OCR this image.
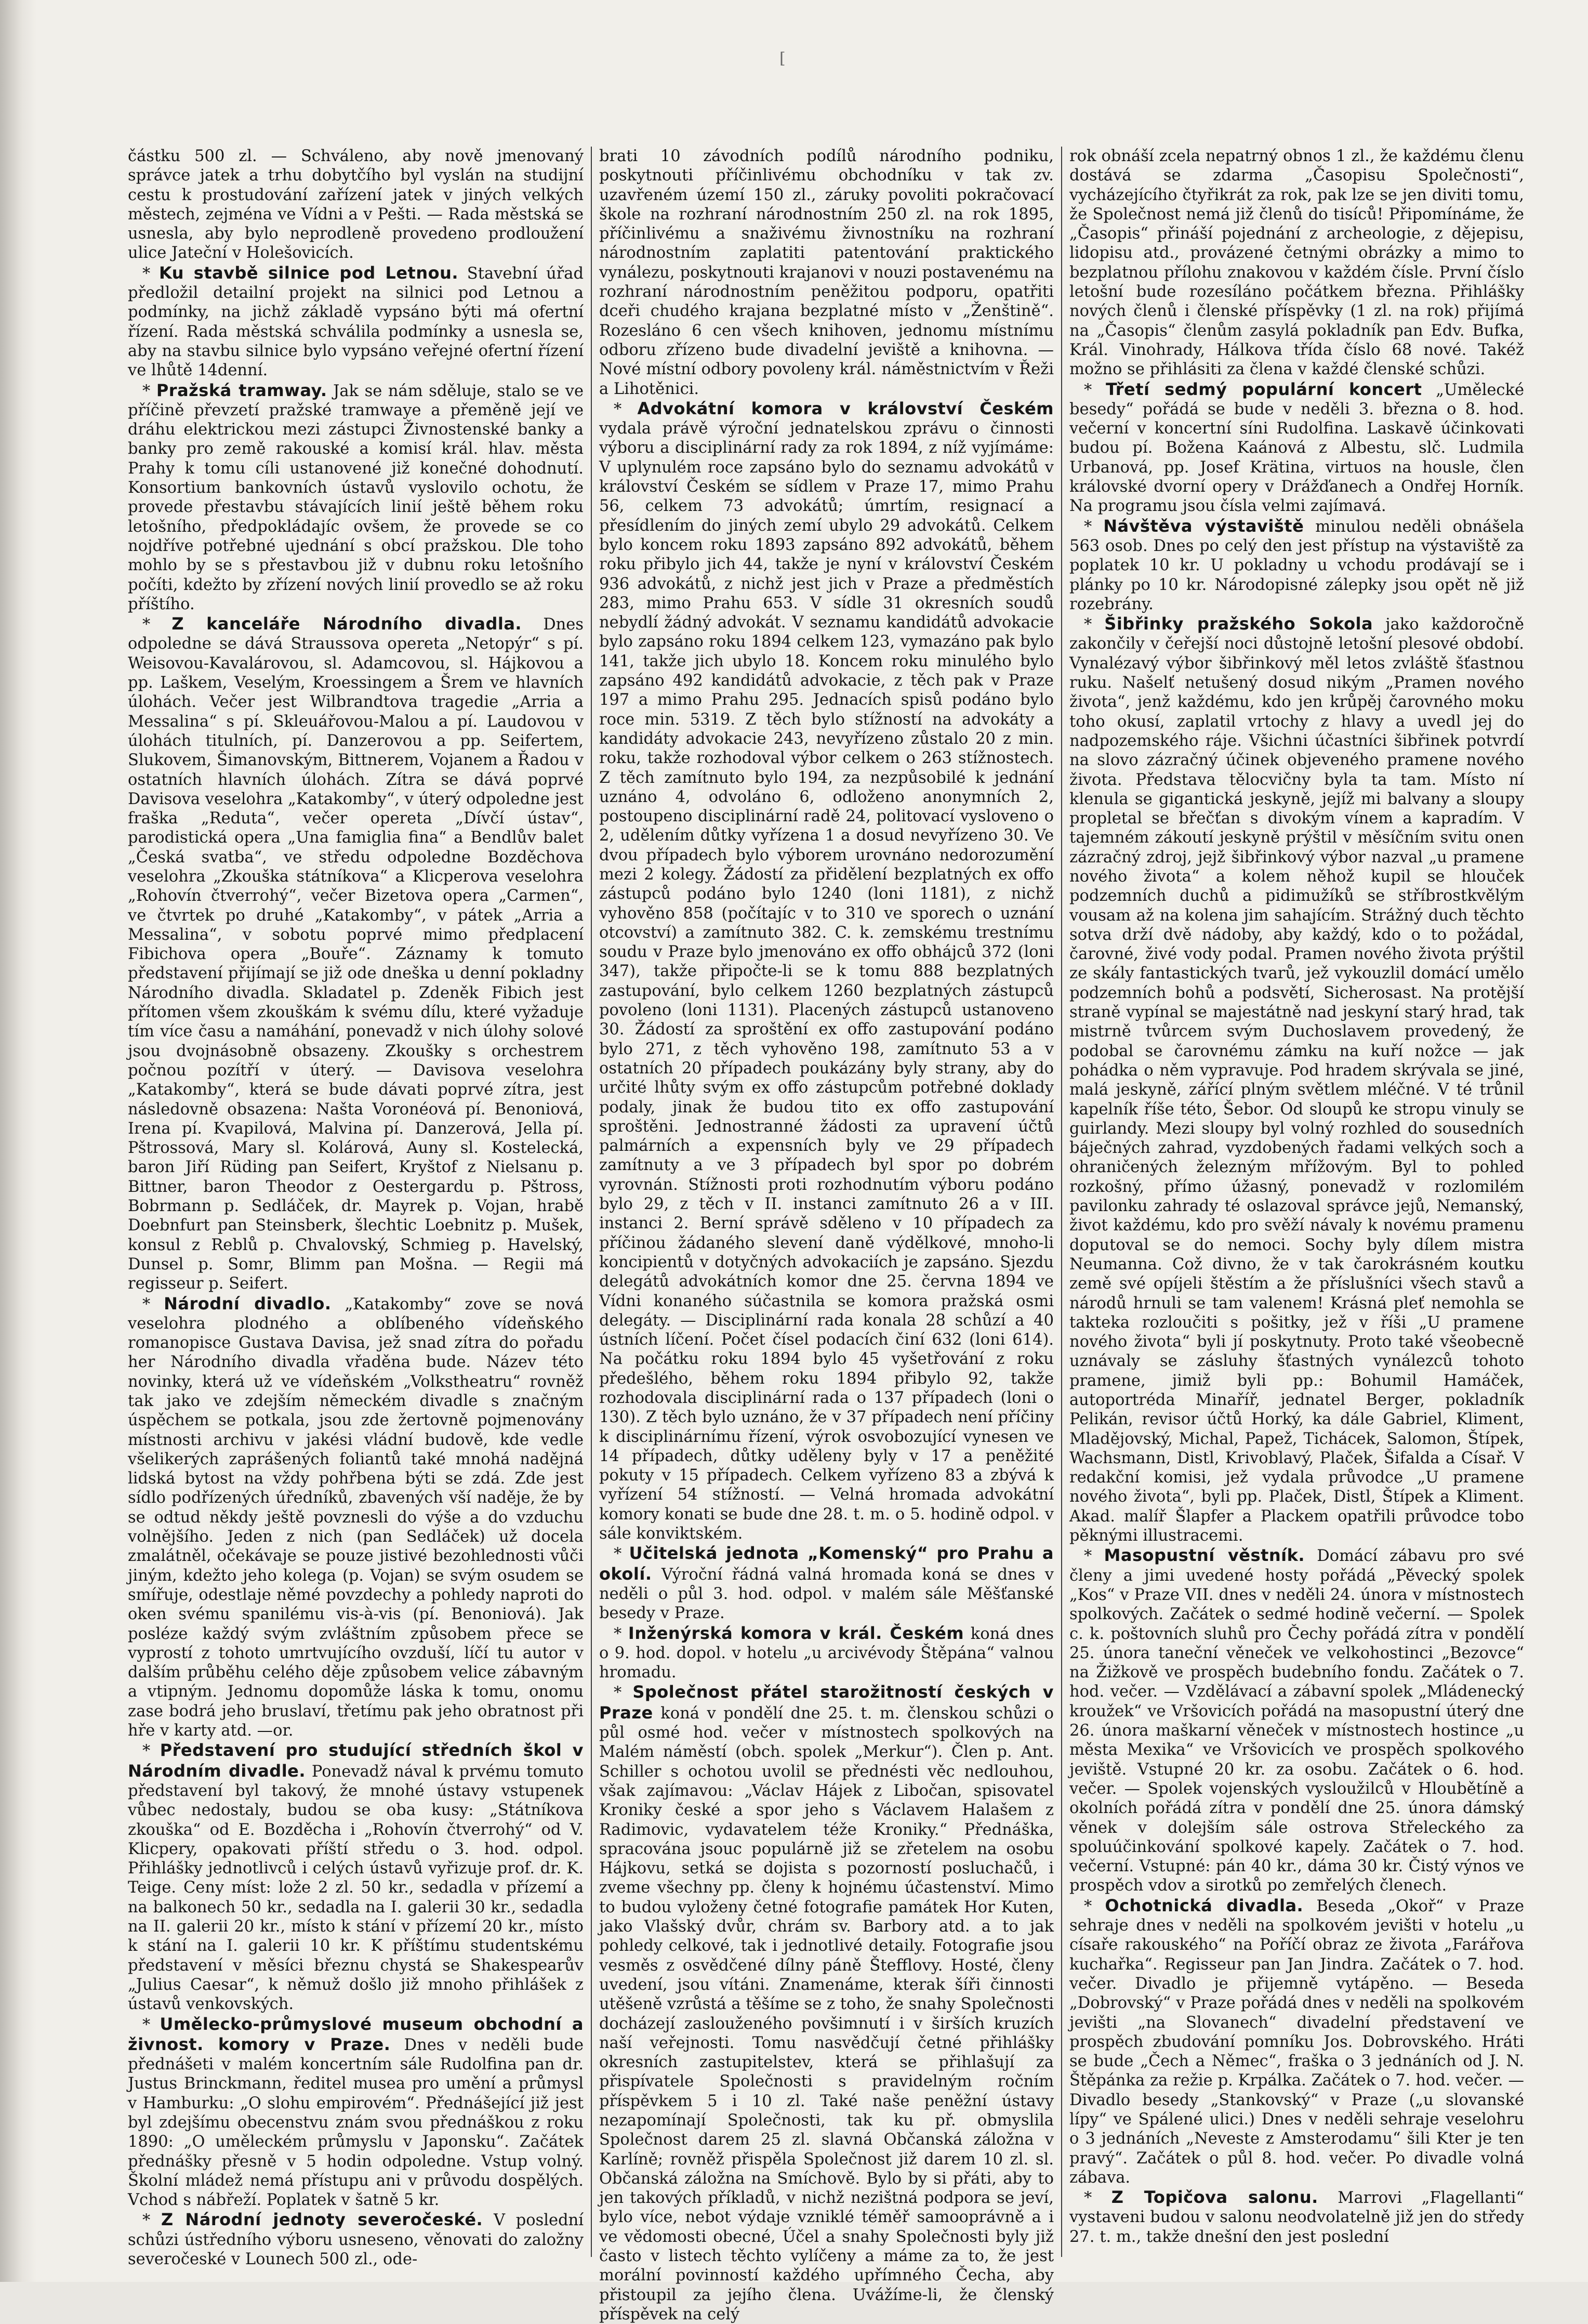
[

částku 500 zl. — Schváleno, aby nově jmenovaný správce jatek a trhu dobytčího byl vyslán na studijní cestu k prostudování zařízení jatek v jiných velkých městech, zejména ve Vídni a v Pešti. — Rada městská se usnesla, aby bylo neprodleně provedeno prodloužení ulice Jateční v Holešovicích.

* Ku stavbě silnice pod Letnou. Stavební úřad předložil detailní projekt na silnici pod Letnou a podmínky, na jichž základě vypsáno býti má ofertní řízení. Rada městská schválila podmínky a usnesla se, aby na stavbu silnice bylo vypsáno veřejné ofertní řízení ve lhůtě 14denní.

* Pražská tramway. Jak se nám sděluje, stalo se ve příčině převzetí pražské tramwaye a přeměně její ve dráhu elektrickou mezi zástupci Živnostenské banky a banky pro země rakouské a komisí král. hlav. města Prahy k tomu cíli ustanovené již konečné dohodnutí. Konsortium bankovních ústavů vyslovilo ochotu, že provede přestavbu stávajících linií ještě během roku letošního, předpokládajíc ovšem, že provede se co nojdříve potřebné ujednání s obcí pražskou. Dle toho mohlo by se s přestavbou již v dubnu roku letošního počíti, kdežto by zřízení nových linií provedlo se až roku příštího.

* Z kanceláře Národního divadla. Dnes odpoledne se dává Straussova opereta „Netopýr“ s pí. Weisovou-Kavalárovou, sl. Adamcovou, sl. Hájkovou a pp. Laškem, Veselým, Kroessingem a Šrem ve hlavních úlohách. Večer jest Wilbrandtova tragedie „Arria a Messalina“ s pí. Skleuářovou-Malou a pí. Laudovou v úlohách titulních, pí. Danzerovou a pp. Seifertem, Slukovem, Šimanovským, Bittnerem, Vojanem a Řadou v ostatních hlavních úlohách. Zítra se dává poprvé Davisova veselohra „Katakomby“, v úterý odpoledne jest fraška „Reduta“, večer opereta „Dívčí ústav“, parodistická opera „Una famiglia fina“ a Bendlův balet „Česká svatba“, ve středu odpoledne Bozděchova veselohra „Zkouška státníkova“ a Klicperova veselohra „Rohovín čtverrohý“, večer Bizetova opera „Carmen“, ve čtvrtek po druhé „Katakomby“, v pátek „Arria a Messalina“, v sobotu poprvé mimo předplacení Fibichova opera „Bouře“. Záznamy k tomuto představení přijímají se již ode dneška u denní pokladny Národního divadla. Skladatel p. Zdeněk Fibich jest přítomen všem zkouškám k svému dílu, které vyžaduje tím více času a namáhání, ponevadž v nich úlohy solové jsou dvojnásobně obsazeny. Zkoušky s orchestrem počnou pozítří v úterý. — Davisova veselohra „Katakomby“, která se bude dávati poprvé zítra, jest následovně obsazena: Našta Voronéová pí. Benoniová, Irena pí. Kvapilová, Malvina pí. Danzerová, Jella pí. Pštrossová, Mary sl. Kolárová, Auny sl. Kostelecká, baron Jiří Rüding pan Seifert, Kryštof z Nielsanu p. Bittner, baron Theodor z Oestergardu p. Pštross, Bobrmann p. Sedláček, dr. Mayrek p. Vojan, hrabě Doebnfurt pan Steinsberk, šlechtic Loebnitz p. Mušek, konsul z Reblů p. Chvalovský, Schmieg p. Havelský, Dunsel p. Somr, Blimm pan Mošna. — Regii má regisseur p. Seifert.

* Národní divadlo. „Katakomby“ zove se nová veselohra plodného a oblíbeného vídeňského romanopisce Gustava Davisa, jež snad zítra do pořadu her Národního divadla vřaděna bude. Název této novinky, která už ve vídeňském „Volkstheatru“ rovněž tak jako ve zdejším německém divadle s značným úspěchem se potkala, jsou zde žertovně pojmenovány místnosti archivu v jakési vládní budově, kde vedle všelikerých zaprášených foliantů také mnohá nadějná lidská bytost na vždy pohřbena býti se zdá. Zde jest sídlo podřízených úředníků, zbavených vší naděje, že by se odtud někdy ještě povznesli do výše a do vzduchu volnějšího. Jeden z nich (pan Sedláček) už docela zmalátněl, očekávaje se pouze jistivé bezohlednosti vůči jiným, kdežto jeho kolega (p. Vojan) se svým osudem se smířuje, odestlaje němé povzdechy a pohledy naproti do oken svému spanilému vis-à-vis (pí. Benoniová). Jak posléze každý svým zvláštním způsobem přece se vyprostí z tohoto umrtvujícího ovzduší, líčí tu autor v dalším průběhu celého děje způsobem velice zábavným a vtipným. Jednomu dopomůže láska k tomu, onomu zase bodrá jeho bruslaví, třetímu pak jeho obratnost při hře v karty atd. —or.

* Představení pro studující středních škol v Národním divadle. Ponevadž nával k prvému tomuto představení byl takový, že mnohé ústavy vstupenek vůbec nedostaly, budou se oba kusy: „Státníkova zkouška“ od E. Bozděcha i „Rohovín čtverrohý“ od V. Klicpery, opakovati příští středu o 3. hod. odpol. Přihlášky jednotlivců i celých ústavů vyřizuje prof. dr. K. Teige. Ceny míst: lože 2 zl. 50 kr., sedadla v přízemí a na balkonech 50 kr., sedadla na I. galerii 30 kr., sedadla na II. galerii 20 kr., místo k stání v přízemí 20 kr., místo k stání na I. galerii 10 kr. K příštímu studentskému představení v měsíci březnu chystá se Shakespearův „Julius Caesar“, k němuž došlo již mnoho přihlášek z ústavů venkovských.

* Umělecko-průmyslové museum obchodní a živnost. komory v Praze. Dnes v neděli bude přednášeti v malém koncertním sále Rudolfina pan dr. Justus Brinckmann, ředitel musea pro umění a průmysl v Hamburku: „O slohu empirovém“. Přednášející již jest byl zdejšímu obecenstvu znám svou přednáškou z roku 1890: „O uměleckém průmyslu v Japonsku“. Začátek přednášky přesně v 5 hodin odpoledne. Vstup volný. Školní mládež nemá přístupu ani v průvodu dospělých. Vchod s nábřeží. Poplatek v šatně 5 kr.

* Z Národní jednoty severočeské. V poslední schůzi ústředního výboru usneseno, věnovati do založny severočeské v Lounech 500 zl., ode-

brati 10 závodních podílů národního podniku, poskytnouti příčinlivému obchodníku v tak zv. uzavřeném území 150 zl., záruky povoliti pokračovací škole na rozhraní národnostním 250 zl. na rok 1895, příčinlivému a snaživému živnostníku na rozhraní národnostním zaplatiti patentování praktického vynálezu, poskytnouti krajanovi v nouzi postavenému na rozhraní národnostním peněžitou podporu, opatřiti dceři chudého krajana bezplatné místo v „Ženštině“. Rozesláno 6 cen všech knihoven, jednomu místnímu odboru zřízeno bude divadelní jeviště a knihovna. — Nové místní odbory povoleny král. náměstnictvím v Řeži a Lihotěnici.

* Advokátní komora v království Českém vydala právě výroční jednatelskou zprávu o činnosti výboru a disciplinární rady za rok 1894, z níž vyjímáme: V uplynulém roce zapsáno bylo do seznamu advokátů v království Českém se sídlem v Praze 17, mimo Prahu 56, celkem 73 advokátů; úmrtím, resignací a přesídlením do jiných zemí ubylo 29 advokátů. Celkem bylo koncem roku 1893 zapsáno 892 advokátů, během roku přibylo jich 44, takže je nyní v království Českém 936 advokátů, z nichž jest jich v Praze a předměstích 283, mimo Prahu 653. V sídle 31 okresních soudů nebydlí žádný advokát. V seznamu kandidátů advokacie bylo zapsáno roku 1894 celkem 123, vymazáno pak bylo 141, takže jich ubylo 18. Koncem roku minulého bylo zapsáno 492 kandidátů advokacie, z těch pak v Praze 197 a mimo Prahu 295. Jednacích spisů podáno bylo roce min. 5319. Z těch bylo stížností na advokáty a kandidáty advokacie 243, nevyřízeno zůstalo 20 z min. roku, takže rozhodoval výbor celkem o 263 stížnostech. Z těch zamítnuto bylo 194, za nezpůsobilé k jednání uznáno 4, odvoláno 6, odloženo anonymních 2, postoupeno disciplinární radě 24, politovací vysloveno o 2, udělením důtky vyřízena 1 a dosud nevyřízeno 30. Ve dvou případech bylo výborem urovnáno nedorozumění mezi 2 kolegy. Žádostí za přidělení bezplatných ex offo zástupců podáno bylo 1240 (loni 1181), z nichž vyhověno 858 (počítajíc v to 310 ve sporech o uznání otcovství) a zamítnuto 382. C. k. zemskému trestnímu soudu v Praze bylo jmenováno ex offo obhájců 372 (loni 347), takže připočte-li se k tomu 888 bezplatných zastupování, bylo celkem 1260 bezplatných zástupců povoleno (loni 1131). Placených zástupců ustanoveno 30. Žádostí za sproštění ex offo zastupování podáno bylo 271, z těch vyhověno 198, zamítnuto 53 a v ostatních 20 případech poukázány byly strany, aby do určité lhůty svým ex offo zástupcům potřebné doklady podaly, jinak že budou tito ex offo zastupování sproštěni. Jednostranné žádosti za upravení účtů palmárních a expensních byly ve 29 případech zamítnuty a ve 3 případech byl spor po dobrém vyrovnán. Stížnosti proti rozhodnutím výboru podáno bylo 29, z těch v II. instanci zamítnuto 26 a v III. instanci 2. Berní správě sděleno v 10 případech za příčinou žádaného slevení daně výdělkové, mnoho-li koncipientů v dotyčných advokaciích je zapsáno. Sjezdu delegátů advokátních komor dne 25. června 1894 ve Vídni konaného súčastnila se komora pražská osmi delegáty. — Disciplinární rada konala 28 schůzí a 40 ústních líčení. Počet čísel podacích činí 632 (loni 614). Na počátku roku 1894 bylo 45 vyšetřování z roku předešlého, během roku 1894 přibylo 92, takže rozhodovala disciplinární rada o 137 případech (loni o 130). Z těch bylo uznáno, že v 37 případech není příčiny k disciplinárnímu řízení, výrok osvobozující vynesen ve 14 případech, důtky uděleny byly v 17 a peněžité pokuty v 15 případech. Celkem vyřízeno 83 a zbývá k vyřízení 54 stížností. — Velná hromada advokátní komory konati se bude dne 28. t. m. o 5. hodině odpol. v sále konviktském.

* Učitelská jednota „Komenský“ pro Prahu a okolí. Výroční řádná valná hromada koná se dnes v neděli o půl 3. hod. odpol. v malém sále Měšťanské besedy v Praze.

* Inženýrská komora v král. Českém koná dnes o 9. hod. dopol. v hotelu „u arcivévody Štěpána“ valnou hromadu.

* Společnost přátel starožitností českých v Praze koná v pondělí dne 25. t. m. členskou schůzi o půl osmé hod. večer v místnostech spolkových na Malém náměstí (obch. spolek „Merkur“). Člen p. Ant. Schiller s ochotou uvolil se přednésti věc nedlouhou, však zajímavou: „Václav Hájek z Libočan, spisovatel Kroniky české a spor jeho s Václavem Halašem z Radimovic, vydavatelem téže Kroniky.“ Přednáška, spracována jsouc populárně již se zřetelem na osobu Hájkovu, setká se dojista s pozorností posluchačů, i zveme všechny pp. členy k hojnému účastenství. Mimo to budou vyloženy četné fotografie památek Hor Kuten, jako Vlašský dvůr, chrám sv. Barbory atd. a to jak pohledy celkové, tak i jednotlivé detaily. Fotografie jsou vesměs z osvědčené dílny páně Štefflovy. Hosté, členy uvedení, jsou vítáni. Znamenáme, kterak šíři činnosti utěšeně vzrůstá a těšíme se z toho, že snahy Společnosti docházejí zaslouženého povšimnutí i v širších kruzích naší veřejnosti. Tomu nasvědčují četné přihlášky okresních zastupitelstev, která se přihlašují za přispívatele Společnosti s pravidelným ročním příspěvkem 5 i 10 zl. Také naše peněžní ústavy nezapomínají Společnosti, tak ku př. obmyslila Společnost darem 25 zl. slavná Občanská záložna v Karlíně; rovněž přispěla Společnost již darem 10 zl. sl. Občanská záložna na Smíchově. Bylo by si přáti, aby to jen takových příkladů, v nichž nezištná podpora se jeví, bylo více, nebot výdaje vzniklé téměř samooprávně a i ve vědomosti obecné, Účel a snahy Společnosti byly již často v listech těchto vylíčeny a máme za to, že jest morální povinností každého upřímného Čecha, aby přistoupil za jejího člena. Uvážíme-li, že členský příspěvek na celý

rok obnáší zcela nepatrný obnos 1 zl., že každému členu dostává se zdarma „Časopisu Společnosti“, vycházejícího čtyřikrát za rok, pak lze se jen diviti tomu, že Společnost nemá již členů do tisíců! Připomínáme, že „Časopis“ přináší pojednání z archeologie, z dějepisu, lidopisu atd., provázené četnými obrázky a mimo to bezplatnou přílohu znakovou v každém čísle. První číslo letošní bude rozesíláno počátkem března. Přihlášky nových členů i členské příspěvky (1 zl. na rok) přijímá na „Časopis“ členům zasylá pokladník pan Edv. Bufka, Král. Vinohrady, Hálkova třída číslo 68 nové. Takéž možno se přihlásiti za člena v každé členské schůzi.

* Třetí sedmý populární koncert „Umělecké besedy“ pořádá se bude v neděli 3. března o 8. hod. večerní v koncertní síni Rudolfina. Laskavě účinkovati budou pí. Božena Kaánová z Albestu, slč. Ludmila Urbanová, pp. Josef Krätina, virtuos na housle, člen královské dvorní opery v Drážďanech a Ondřej Horník. Na programu jsou čísla velmi zajímavá.

* Návštěva výstaviště minulou neděli obnášela 563 osob. Dnes po celý den jest přístup na výstaviště za poplatek 10 kr. U pokladny u vchodu prodávají se i plánky po 10 kr. Národopisné zálepky jsou opět ně již rozebrány.

* Šibřinky pražského Sokola jako každoročně zakončily v čeřejší noci důstojně letošní plesové období. Vynalézavý výbor šibřinkový měl letos zvláště šťastnou ruku. Našelť netušený dosud nikým „Pramen nového života“, jenž každému, kdo jen krůpěj čarovného moku toho okusí, zaplatil vrtochy z hlavy a uvedl jej do nadpozemského ráje. Všichni účastníci šibřinek potvrdí na slovo zázračný účinek objeveného pramene nového života. Představa tělocvičny byla ta tam. Místo ní klenula se gigantická jeskyně, jejíž mi balvany a sloupy propletal se břečťan s divokým vínem a kapradím. V tajemném zákoutí jeskyně prýštil v měsíčním svitu onen zázračný zdroj, jejž šibřinkový výbor nazval „u pramene nového života“ a kolem něhož kupil se hlouček podzemních duchů a pidimužíků se stříbrostkvělým vousam až na kolena jim sahajícím. Strážný duch těchto sotva drží dvě nádoby, aby každý, kdo o to požádal, čarovné, živé vody podal. Pramen nového života prýštil ze skály fantastických tvarů, jež vykouzlil domácí umělo podzemních bohů a podsvětí, Sicherosast. Na protější straně vypínal se majestátně nad jeskyní starý hrad, tak mistrně tvůrcem svým Duchoslavem provedený, že podobal se čarovnému zámku na kuří nožce — jak pohádka o něm vypravuje. Pod hradem skrývala se jiné, malá jeskyně, zářící plným světlem mléčné. V té trůnil kapelník říše této, Šebor. Od sloupů ke stropu vinuly se guirlandy. Mezi sloupy byl volný rozhled do sousedních báječných zahrad, vyzdobených řadami velkých soch a ohraničených železným mřížovým. Byl to pohled rozkošný, přímo úžasný, ponevadž v rozlomilém pavilonku zahrady té oslazoval správce jejů, Nemanský, život každému, kdo pro svěží návaly k novému pramenu doputoval se do nemoci. Sochy byly dílem mistra Neumanna. Což divno, že v tak čarokrásném koutku země své opíjeli štěstím a že příslušníci všech stavů a národů hrnuli se tam valenem! Krásná pleť nemohla se takteka rozloučiti s pošitky, jež v říši „U pramene nového života“ byli jí poskytnuty. Proto také všeobecně uznávaly se zásluhy šťastných vynálezců tohoto pramene, jimiž byli pp.: Bohumil Hamáček, autoportréda Minaříř, jednatel Berger, pokladník Pelikán, revisor účtů Horký, ka dále Gabriel, Kliment, Mladějovský, Michal, Papež, Tichácek, Salomon, Štípek, Wachsmann, Distl, Krivoblavý, Plaček, Šifalda a Císař. V redakční komisi, jež vydala průvodce „U pramene nového života“, byli pp. Plaček, Distl, Štípek a Kliment. Akad. malíř Šlapfer a Plackem opatřili průvodce tobo pěknými illustracemi.

* Masopustní věstník. Domácí zábavu pro své členy a jimi uvedené hosty pořádá „Pěvecký spolek „Kos“ v Praze VII. dnes v neděli 24. února v místnostech spolkových. Začátek o sedmé hodině večerní. — Spolek c. k. poštovních sluhů pro Čechy pořádá zítra v pondělí 25. února taneční věneček ve velkohostinci „Bezovce“ na Žižkově ve prospěch budebního fondu. Začátek o 7. hod. večer. — Vzdělávací a zábavní spolek „Mládenecký kroužek“ ve Vršovicích pořádá na masopustní úterý dne 26. února maškarní věneček v místnostech hostince „u města Mexika“ ve Vršovicích ve prospěch spolkového jeviště. Vstupné 20 kr. za osobu. Začátek o 6. hod. večer. — Spolek vojenských vysloužilců v Hloubětíně a okolních pořádá zítra v pondělí dne 25. února dámský věnek v dolejším sále ostrova Střeleckého za spoluúčinkování spolkové kapely. Začátek o 7. hod. večerní. Vstupné: pán 40 kr., dáma 30 kr. Čistý výnos ve prospěch vdov a sirotků po zemřelých členech.

* Ochotnická divadla. Beseda „Okoř“ v Praze sehraje dnes v neděli na spolkovém jevišti v hotelu „u císaře rakouského“ na Poříčí obraz ze života „Farářova kuchařka“. Regisseur pan Jan Jindra. Začátek o 7. hod. večer. Divadlo je přijemně vytápěno. — Beseda „Dobrovský“ v Praze pořádá dnes v neděli na spolkovém jevišti „na Slovanech“ divadelní představení ve prospěch zbudování pomníku Jos. Dobrovského. Hráti se bude „Čech a Němec“, fraška o 3 jednáních od J. N. Štěpánka za režie p. Krpálka. Začátek o 7. hod. večer. — Divadlo besedy „Stankovský“ v Praze („u slovanské lípy“ ve Spálené ulici.) Dnes v neděli sehraje veselohru o 3 jednáních „Neveste z Amsterodamu“ šili Kter je ten pravý“. Začátek o půl 8. hod. večer. Po divadle volná zábava.

* Z Topičova salonu. Marrovi „Flagellanti“ vystaveni budou v salonu neodvolatelně již jen do středy 27. t. m., takže dnešní den jest poslední
